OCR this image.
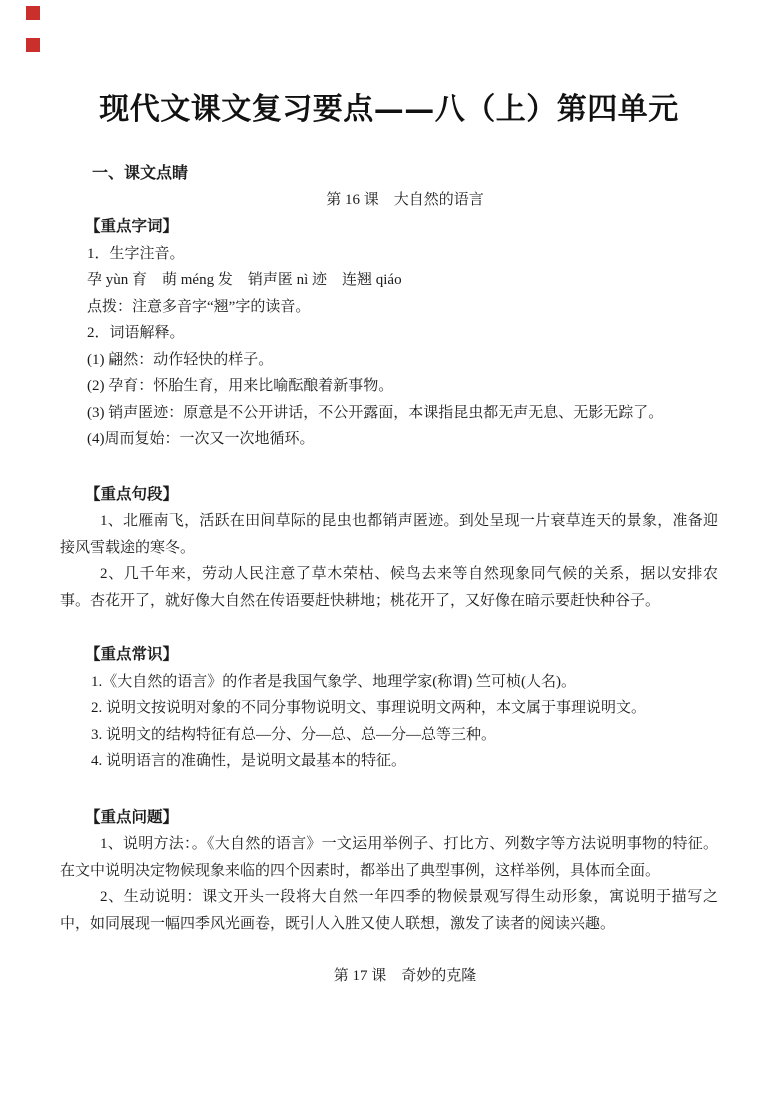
现代文课文复习要点——八（上）第四单元
一、课文点睛
第 16 课　大自然的语言
【重点字词】
1．生字注音。
孕 yùn 育　萌 méng 发　销声匿 nì 迹　连翘 qiáo
点拨：注意多音字“翘”字的读音。
2．词语解释。
(1) 翩然：动作轻快的样子。
(2) 孕育：怀胎生育，用来比喻酝酿着新事物。
(3) 销声匿迹：原意是不公开讲话，不公开露面，本课指昆虫都无声无息、无影无踪了。
(4)周而复始：一次又一次地循环。
【重点句段】

1、北雁南飞，活跃在田间草际的昆虫也都销声匿迹。到处呈现一片衰草连天的景象，准备迎接风雪载途的寒冬。

2、几千年来，劳动人民注意了草木荣枯、候鸟去来等自然现象同气候的关系，据以安排农事。杏花开了，就好像大自然在传语要赶快耕地；桃花开了，又好像在暗示要赶快种谷子。

【重点常识】
1.《大自然的语言》的作者是我国气象学、地理学家(称谓) 竺可桢(人名)。
2. 说明文按说明对象的不同分事物说明文、事理说明文两种，本文属于事理说明文。
3. 说明文的结构特征有总—分、分—总、总—分—总等三种。
4. 说明语言的准确性，是说明文最基本的特征。
【重点问题】

1、说明方法：。《大自然的语言》一文运用举例子、打比方、列数字等方法说明事物的特征。在文中说明决定物候现象来临的四个因素时，都举出了典型事例，这样举例，具体而全面。

2、生动说明：课文开头一段将大自然一年四季的物候景观写得生动形象，寓说明于描写之中，如同展现一幅四季风光画卷，既引人入胜又使人联想，激发了读者的阅读兴趣。

第 17 课　奇妙的克隆
